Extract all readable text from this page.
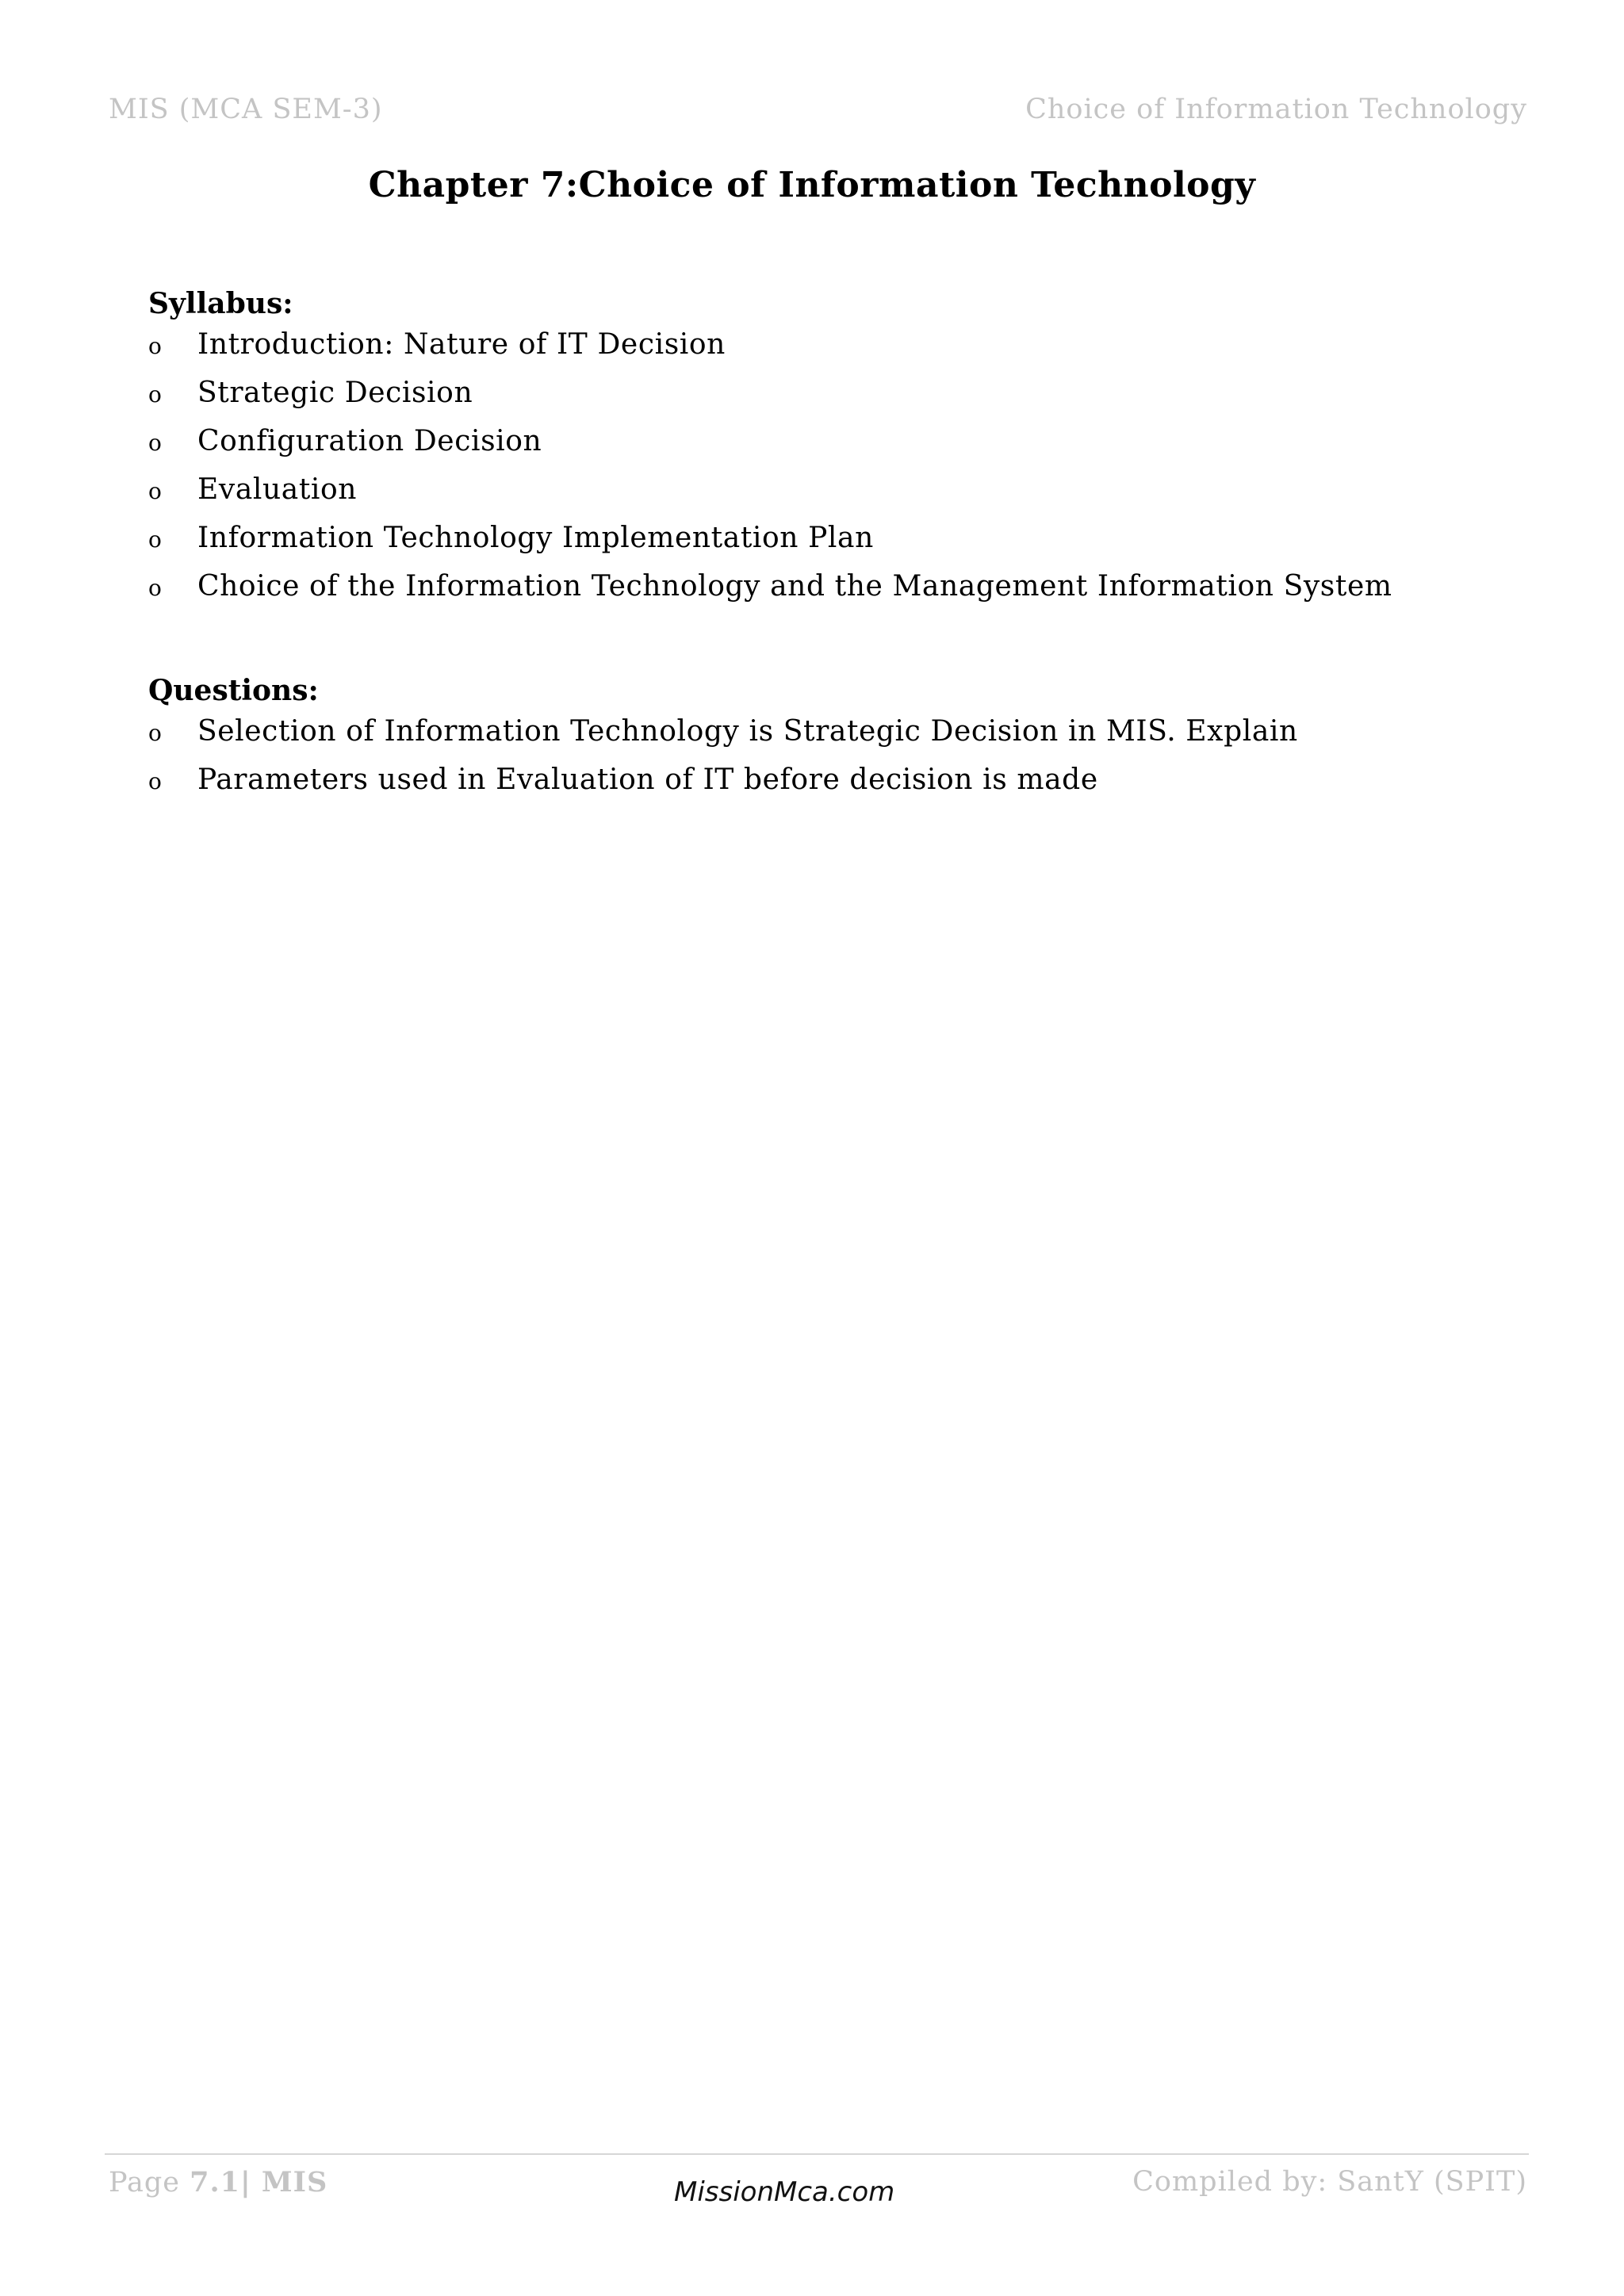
MIS (MCA SEM-3)	Choice of Information Technology
Chapter 7:Choice of Information Technology
Syllabus:
o	Introduction: Nature of IT Decision
o	Strategic Decision
o	Configuration Decision
o	Evaluation
o	Information Technology Implementation Plan
o	Choice of the Information Technology and the Management Information System
Questions:
o	Selection of Information Technology is Strategic Decision in MIS. Explain
o	Parameters used in Evaluation of IT before decision is made
Page 7.1| MIS	MissionMca.com	Compiled by: SantY (SPIT)
